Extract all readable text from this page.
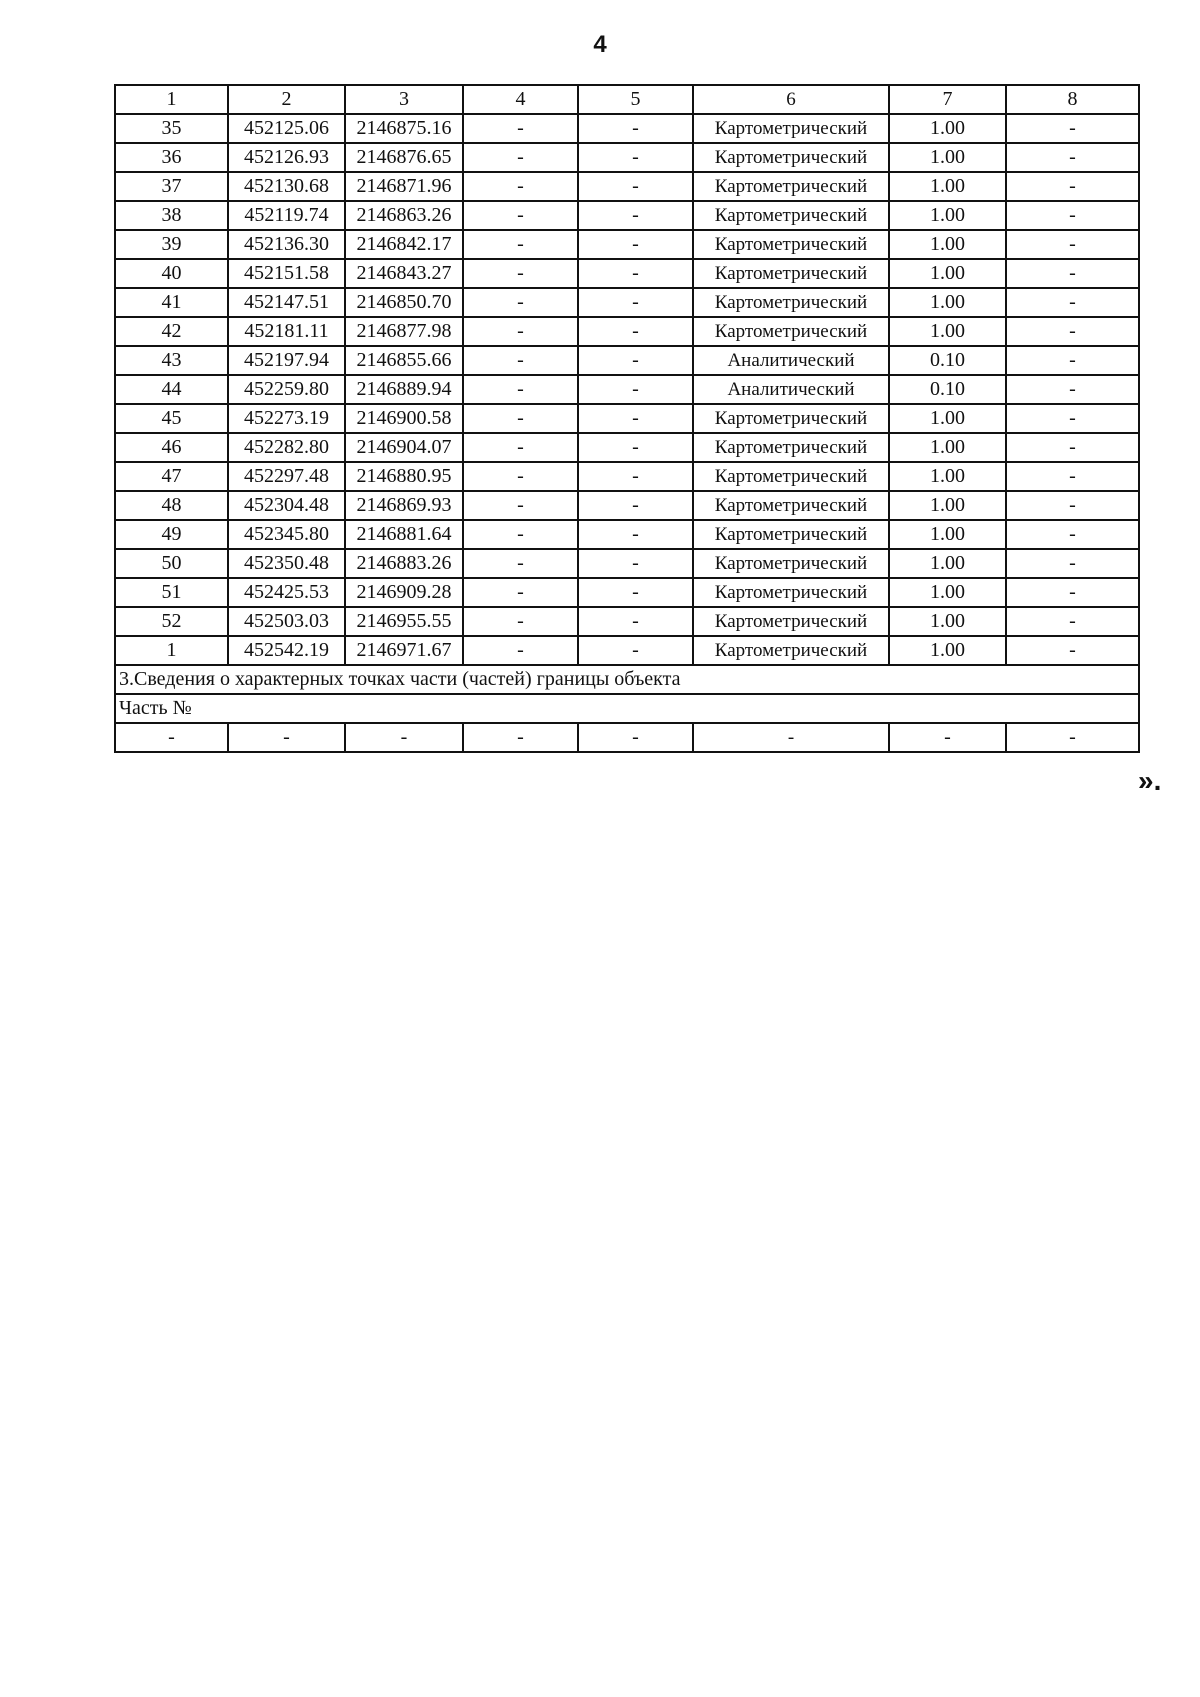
4
1	2	3	4	5	6	7	8
35	452125.06	2146875.16	-	-	Картометрический	1.00	-
36	452126.93	2146876.65	-	-	Картометрический	1.00	-
37	452130.68	2146871.96	-	-	Картометрический	1.00	-
38	452119.74	2146863.26	-	-	Картометрический	1.00	-
39	452136.30	2146842.17	-	-	Картометрический	1.00	-
40	452151.58	2146843.27	-	-	Картометрический	1.00	-
41	452147.51	2146850.70	-	-	Картометрический	1.00	-
42	452181.11	2146877.98	-	-	Картометрический	1.00	-
43	452197.94	2146855.66	-	-	Аналитический	0.10	-
44	452259.80	2146889.94	-	-	Аналитический	0.10	-
45	452273.19	2146900.58	-	-	Картометрический	1.00	-
46	452282.80	2146904.07	-	-	Картометрический	1.00	-
47	452297.48	2146880.95	-	-	Картометрический	1.00	-
48	452304.48	2146869.93	-	-	Картометрический	1.00	-
49	452345.80	2146881.64	-	-	Картометрический	1.00	-
50	452350.48	2146883.26	-	-	Картометрический	1.00	-
51	452425.53	2146909.28	-	-	Картометрический	1.00	-
52	452503.03	2146955.55	-	-	Картометрический	1.00	-
1	452542.19	2146971.67	-	-	Картометрический	1.00	-
3.Сведения о характерных точках части (частей) границы объекта							
Часть №							
-	-	-	-	-	-	-	-
».
